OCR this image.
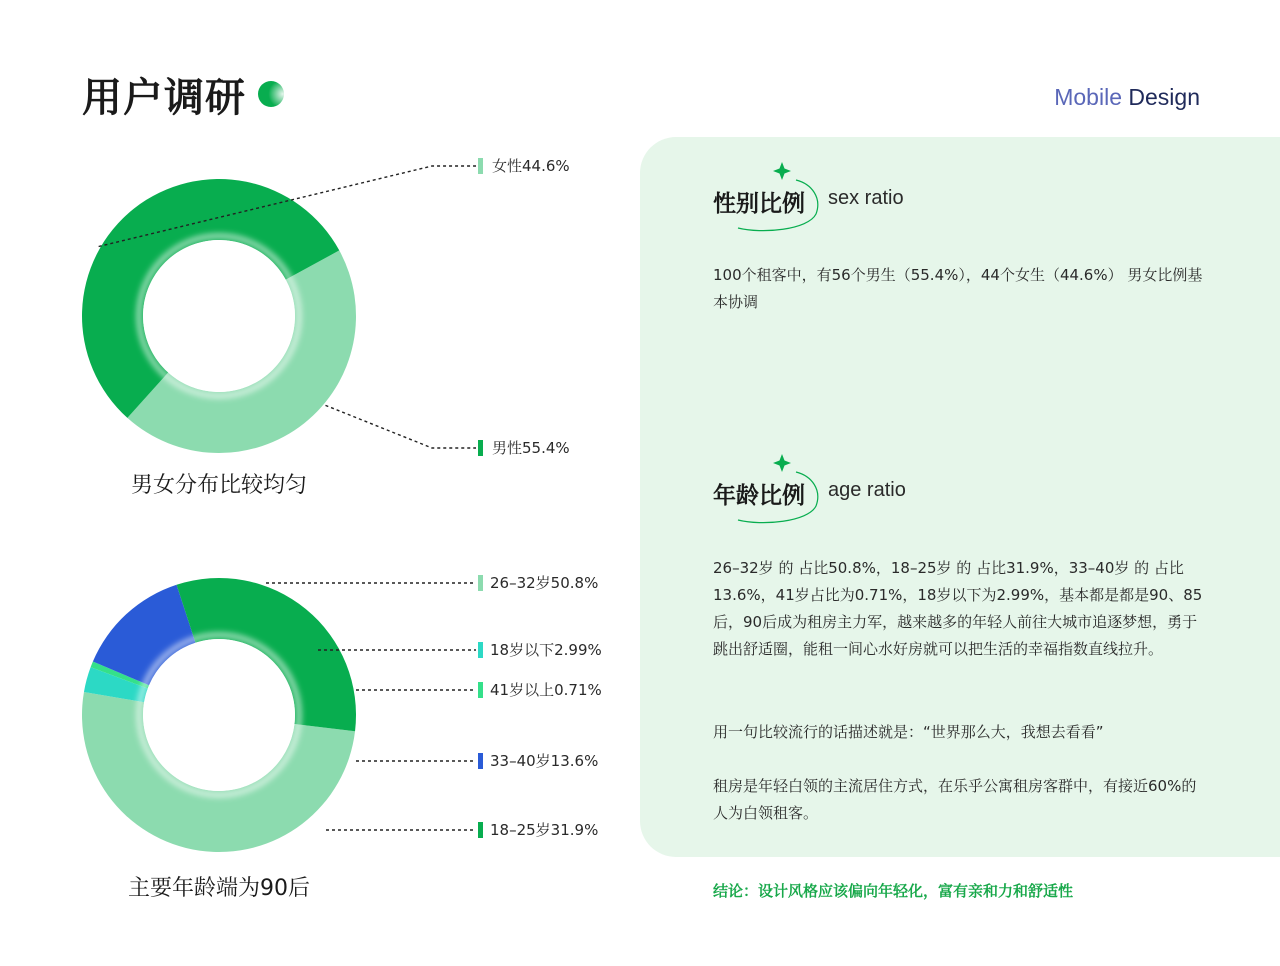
用户调研	Mobile Design
性别比例 sex ratio

100个租客中，有56个男生（55.4%），44个女生（44.6%） 男女比例基本协调

年龄比例 age ratio

26–32岁 的 占比50.8%，18–25岁 的 占比31.9%，33–40岁 的 占比13.6%，41岁占比为0.71%，18岁以下为2.99%，基本都是都是90、85后，90后成为租房主力军，越来越多的年轻人前往大城市追逐梦想，勇于跳出舒适圈，能租一间心水好房就可以把生活的幸福指数直线拉升。

用一句比较流行的话描述就是：“世界那么大，我想去看看”

租房是年轻白领的主流居住方式，在乐乎公寓租房客群中，有接近60%的人为白领租客。

结论：设计风格应该偏向年轻化，富有亲和力和舒适性
女性44.6%
男性55.4%
男女分布比较均匀
26–32岁50.8%
18岁以下2.99%
41岁以上0.71%
33–40岁13.6%
18–25岁31.9%
主要年龄端为90后
